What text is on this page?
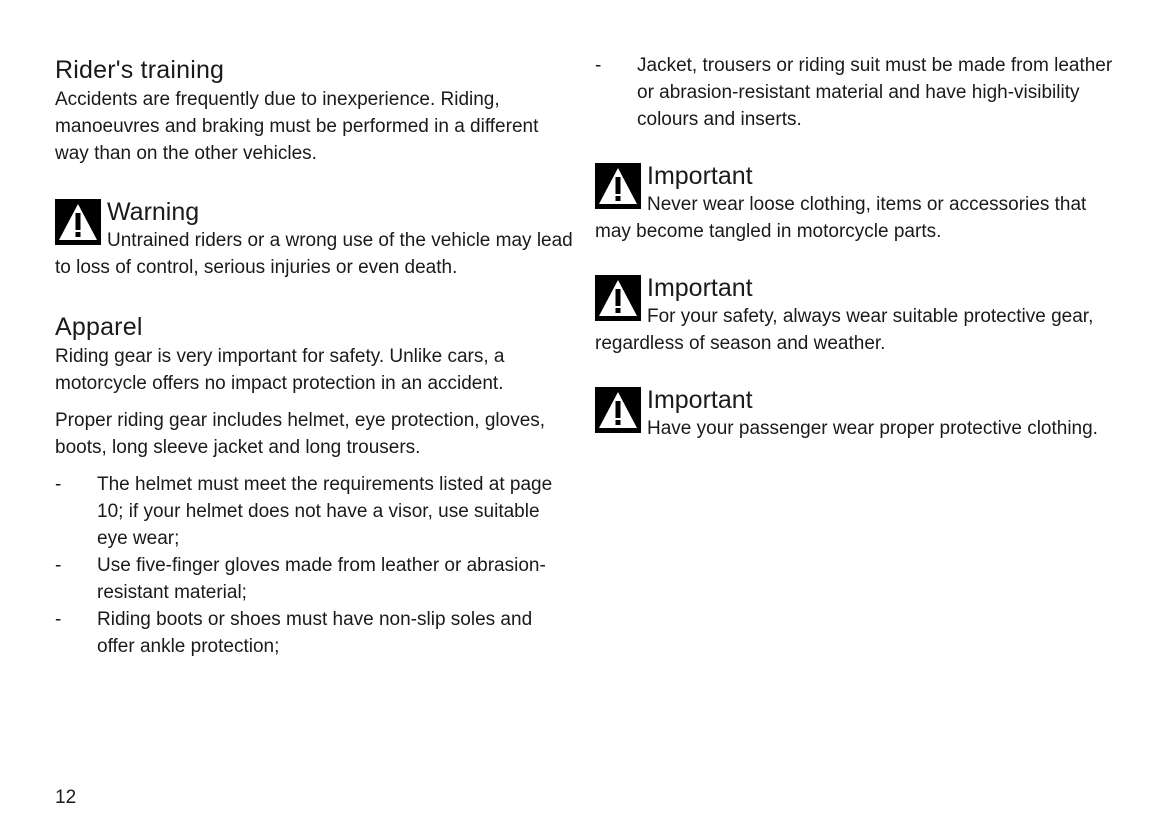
Rider's training

Accidents are frequently due to inexperience. Riding, manoeuvres and braking must be performed in a different way than on the other vehicles.

Warning

Untrained riders or a wrong use of the vehicle may lead to loss of control, serious injuries or even death.

Apparel

Riding gear is very important for safety. Unlike cars, a motorcycle offers no impact protection in an accident.

Proper riding gear includes helmet, eye protection, gloves, boots, long sleeve jacket and long trousers.

- The helmet must meet the requirements listed at page 10; if your helmet does not have a visor, use suitable eye wear;
- Use five-finger gloves made from leather or abrasion-resistant material;
- Riding boots or shoes must have non-slip soles and offer ankle protection;
- Jacket, trousers or riding suit must be made from leather or abrasion-resistant material and have high-visibility colours and inserts.
Important

Never wear loose clothing, items or accessories that may become tangled in motorcycle parts.

Important

For your safety, always wear suitable protective gear, regardless of season and weather.

Important

Have your passenger wear proper protective clothing.

12
